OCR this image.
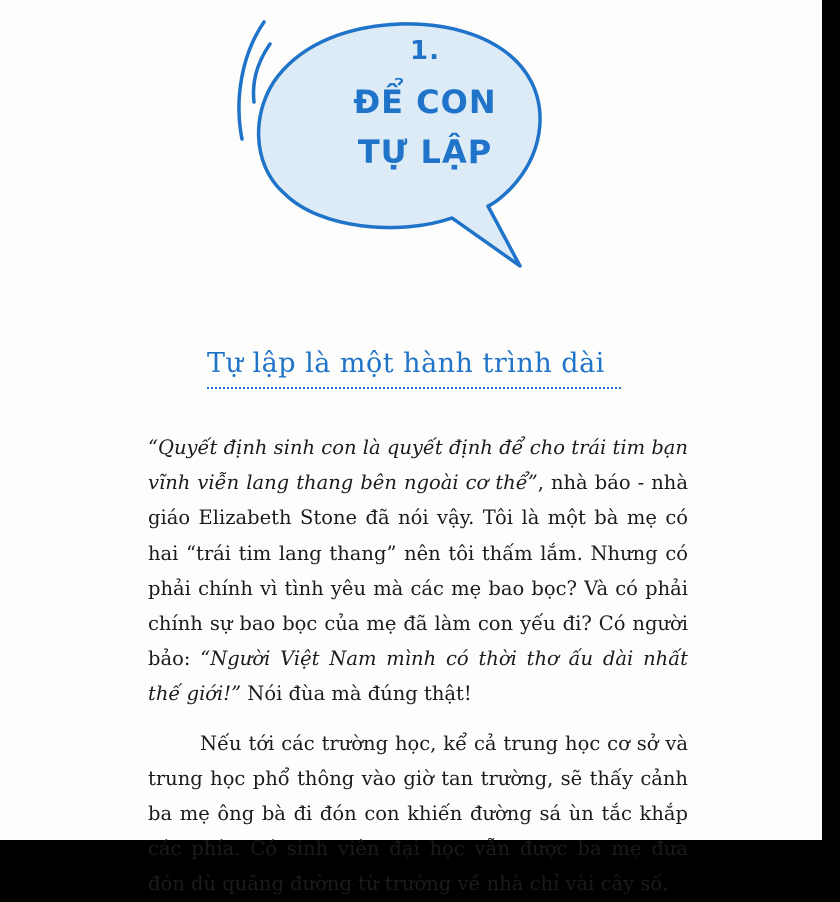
1.
ĐỂ CON
TỰ LẬP
Tự lập là một hành trình dài

“Quyết định sinh con là quyết định để cho trái tim bạn vĩnh viễn lang thang bên ngoài cơ thể”, nhà báo - nhà giáo Elizabeth Stone đã nói vậy. Tôi là một bà mẹ có hai “trái tim lang thang” nên tôi thấm lắm. Nhưng có phải chính vì tình yêu mà các mẹ bao bọc? Và có phải chính sự bao bọc của mẹ đã làm con yếu đi? Có người bảo: “Người Việt Nam mình có thời thơ ấu dài nhất thế giới!” Nói đùa mà đúng thật!

Nếu tới các trường học, kể cả trung học cơ sở và trung học phổ thông vào giờ tan trường, sẽ thấy cảnh ba mẹ ông bà đi đón con khiến đường sá ùn tắc khắp các phía. Có sinh viên đại học vẫn được ba mẹ đưa đón dù quãng đường từ trường về nhà chỉ vài cây số.
